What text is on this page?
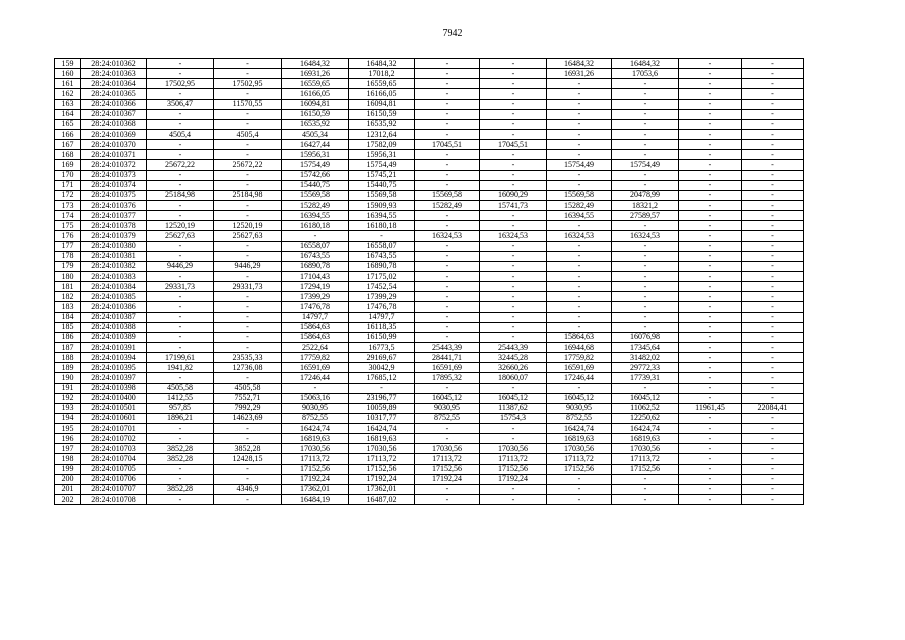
7942
159	28:24:010362	-	-	16484,32	16484,32	-	-	16484,32	16484,32	-	-
160	28:24:010363	-	-	16931,26	17018,2	-	-	16931,26	17053,6	-	-
161	28:24:010364	17502,95	17502,95	16559,65	16559,65	-	-	-	-	-	-
162	28:24:010365	-	-	16166,05	16166,05	-	-	-	-	-	-
163	28:24:010366	3506,47	11570,55	16094,81	16094,81	-	-	-	-	-	-
164	28:24:010367	-	-	16150,59	16150,59	-	-	-	-	-	-
165	28:24:010368	-	-	16535,92	16535,92	-	-	-	-	-	-
166	28:24:010369	4505,4	4505,4	4505,34	12312,64	-	-	-	-	-	-
167	28:24:010370	-	-	16427,44	17582,09	17045,51	17045,51	-	-	-	-
168	28:24:010371	-	-	15956,31	15956,31	-	-	-	-	-	-
169	28:24:010372	25672,22	25672,22	15754,49	15754,49	-	-	15754,49	15754,49	-	-
170	28:24:010373	-	-	15742,66	15745,21	-	-	-	-	-	-
171	28:24:010374	-	-	15440,75	15440,75	-	-	-	-	-	-
172	28:24:010375	25184,98	25184,98	15569,58	15569,58	15569,58	16090,29	15569,58	20478,99	-	-
173	28:24:010376	-	-	15282,49	15909,93	15282,49	15741,73	15282,49	18321,2	-	-
174	28:24:010377	-	-	16394,55	16394,55	-	-	16394,55	27589,57	-	-
175	28:24:010378	12520,19	12520,19	16180,18	16180,18	-	-	-	-	-	-
176	28:24:010379	25627,63	25627,63	-	-	16324,53	16324,53	16324,53	16324,53	-	-
177	28:24:010380	-	-	16558,07	16558,07	-	-	-	-	-	-
178	28:24:010381	-	-	16743,55	16743,55	-	-	-	-	-	-
179	28:24:010382	9446,29	9446,29	16890,78	16890,78	-	-	-	-	-	-
180	28:24:010383	-	-	17104,43	17175,02	-	-	-	-	-	-
181	28:24:010384	29331,73	29331,73	17294,19	17452,54	-	-	-	-	-	-
182	28:24:010385	-	-	17399,29	17399,29	-	-	-	-	-	-
183	28:24:010386	-	-	17476,78	17476,78	-	-	-	-	-	-
184	28:24:010387	-	-	14797,7	14797,7	-	-	-	-	-	-
185	28:24:010388	-	-	15864,63	16118,35	-	-	-	-	-	-
186	28:24:010389	-	-	15864,63	16150,99	-	-	15864,63	16076,98	-	-
187	28:24:010391	-	-	2522,64	16773,5	25443,39	25443,39	16944,68	17345,64	-	-
188	28:24:010394	17199,61	23535,33	17759,82	29169,67	28441,71	32445,28	17759,82	31482,02	-	-
189	28:24:010395	1941,82	12736,08	16591,69	30042,9	16591,69	32660,26	16591,69	29772,33	-	-
190	28:24:010397	-	-	17246,44	17685,12	17895,32	18060,07	17246,44	17739,31	-	-
191	28:24:010398	4505,58	4505,58	-	-	-	-	-	-	-	-
192	28:24:010400	1412,55	7552,71	15063,16	23196,77	16045,12	16045,12	16045,12	16045,12	-	-
193	28:24:010501	957,85	7992,29	9030,95	10059,89	9030,95	11387,62	9030,95	11062,52	11961,45	22084,41
194	28:24:010601	1896,21	14623,69	8752,55	10317,77	8752,55	15754,3	8752,55	12250,62	-	-
195	28:24:010701	-	-	16424,74	16424,74	-	-	16424,74	16424,74	-	-
196	28:24:010702	-	-	16819,63	16819,63	-	-	16819,63	16819,63	-	-
197	28:24:010703	3852,28	3852,28	17030,56	17030,56	17030,56	17030,56	17030,56	17030,56	-	-
198	28:24:010704	3852,28	12428,15	17113,72	17113,72	17113,72	17113,72	17113,72	17113,72	-	-
199	28:24:010705	-	-	17152,56	17152,56	17152,56	17152,56	17152,56	17152,56	-	-
200	28:24:010706	-	-	17192,24	17192,24	17192,24	17192,24	-	-	-	-
201	28:24:010707	3852,28	4346,9	17362,01	17362,01	-	-	-	-	-	-
202	28:24:010708	-	-	16484,19	16487,02	-	-	-	-	-	-
